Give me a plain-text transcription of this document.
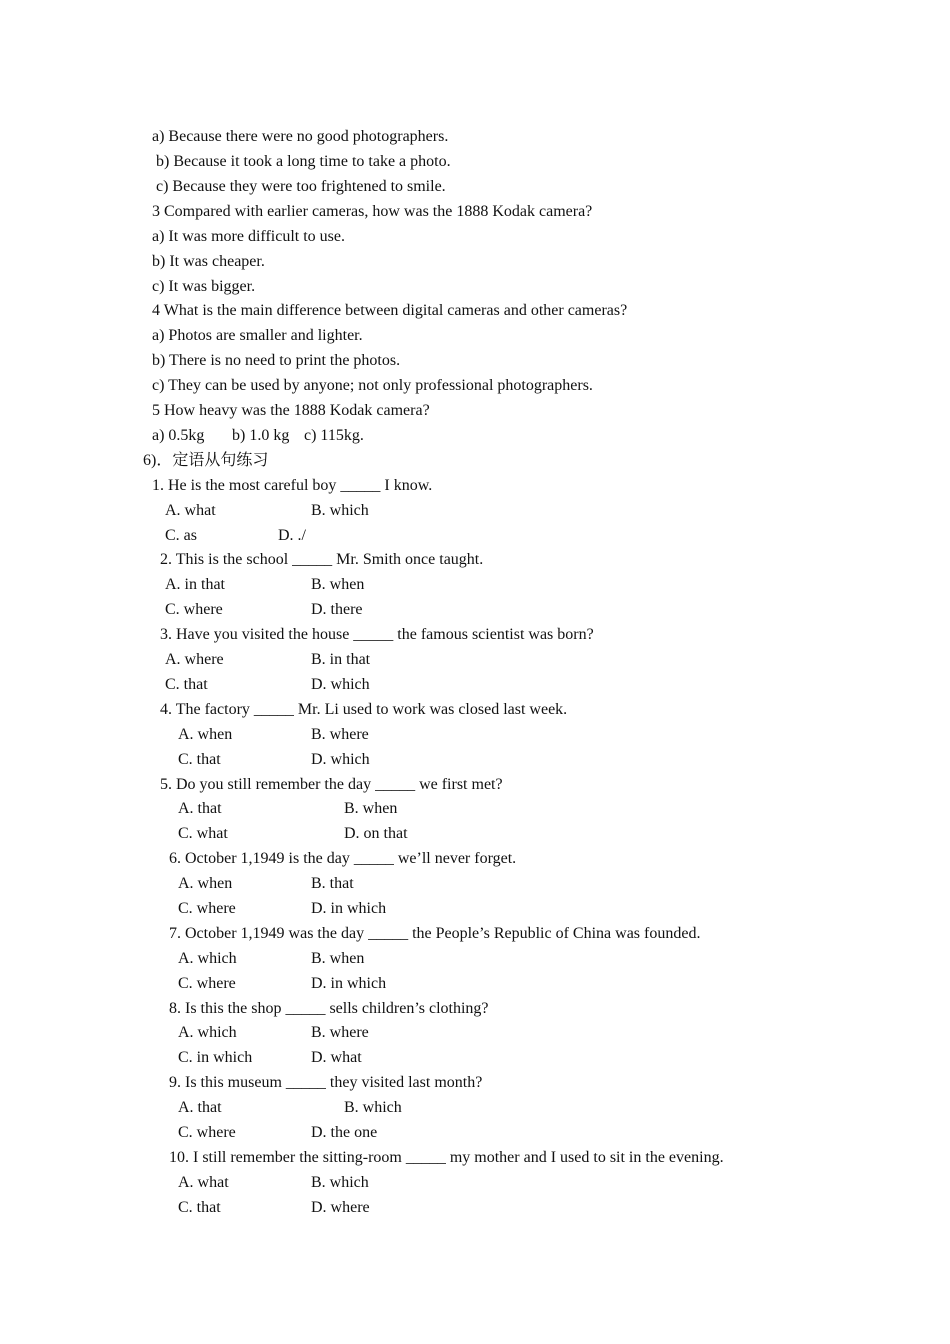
a) Because there were no good photographers.
b) Because it took a long time to take a photo.
c) Because they were too frightened to smile.
3 Compared with earlier cameras, how was the 1888 Kodak camera?
a) It was more difficult to use.
b) It was cheaper.
c) It was bigger.
4 What is the main difference between digital cameras and other cameras?
a) Photos are smaller and lighter.
b) There is no need to print the photos.
c) They can be used by anyone; not only professional photographers.
5 How heavy was the 1888 Kodak camera?
a) 0.5kg b) 1.0 kg c) 115kg.
6)．定语从句练习
1. He is the most careful boy _____ I know.
A. what	B. which
C. as	D. ./
2. This is the school _____ Mr. Smith once taught.
A. in that	B. when
C. where	D. there
3. Have you visited the house _____ the famous scientist was born?
A. where	B. in that
C. that	D. which
4. The factory _____ Mr. Li used to work was closed last week.
A. when	B. where
C. that	D. which
5. Do you still remember the day _____ we first met?
A. that	B. when
C. what	D. on that
6. October 1,1949 is the day _____ we’ll never forget.
A. when	B. that
C. where	D. in which
7. October 1,1949 was the day _____ the People’s Republic of China was founded.
A. which	B. when
C. where	D. in which
8. Is this the shop _____ sells children’s clothing?
A. which	B. where
C. in which	D. what
9. Is this museum _____ they visited last month?
A. that	B. which
C. where	D. the one
10. I still remember the sitting-room _____ my mother and I used to sit in the evening.
A. what	B. which
C. that	D. where
